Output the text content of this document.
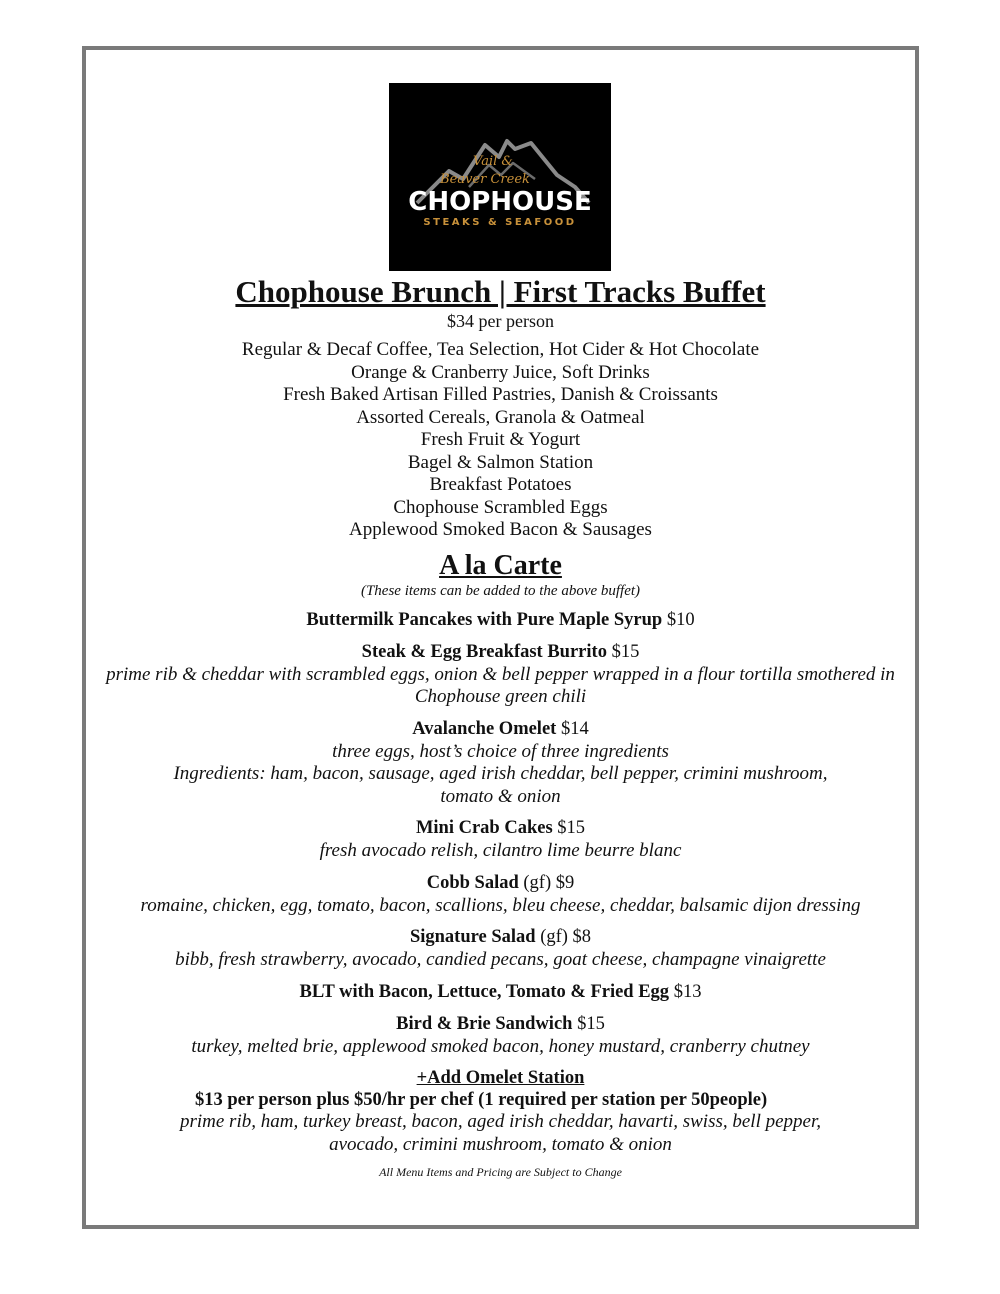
Vail &
Beaver Creek
CHOPHOUSE
STEAKS & SEAFOOD
Chophouse Brunch | First Tracks Buffet

$34 per person

Regular & Decaf Coffee, Tea Selection, Hot Cider & Hot Chocolate

Orange & Cranberry Juice, Soft Drinks

Fresh Baked Artisan Filled Pastries, Danish & Croissants

Assorted Cereals, Granola & Oatmeal

Fresh Fruit & Yogurt

Bagel & Salmon Station

Breakfast Potatoes

Chophouse Scrambled Eggs

Applewood Smoked Bacon & Sausages

A la Carte

(These items can be added to the above buffet)

Buttermilk Pancakes with Pure Maple Syrup $10

Steak & Egg Breakfast Burrito $15

prime rib & cheddar with scrambled eggs, onion & bell pepper wrapped in a flour tortilla smothered in

Chophouse green chili

Avalanche Omelet $14

three eggs, host’s choice of three ingredients

Ingredients: ham, bacon, sausage, aged irish cheddar, bell pepper, crimini mushroom,

tomato & onion

Mini Crab Cakes $15

fresh avocado relish, cilantro lime beurre blanc

Cobb Salad (gf) $9

romaine, chicken, egg, tomato, bacon, scallions, bleu cheese, cheddar, balsamic dijon dressing

Signature Salad (gf) $8

bibb, fresh strawberry, avocado, candied pecans, goat cheese, champagne vinaigrette

BLT with Bacon, Lettuce, Tomato & Fried Egg $13

Bird & Brie Sandwich $15

turkey, melted brie, applewood smoked bacon, honey mustard, cranberry chutney

+Add Omelet Station

$13 per person plus $50/hr per chef (1 required per station per 50people)

prime rib, ham, turkey breast, bacon, aged irish cheddar, havarti, swiss, bell pepper,

avocado, crimini mushroom, tomato & onion

All Menu Items and Pricing are Subject to Change
